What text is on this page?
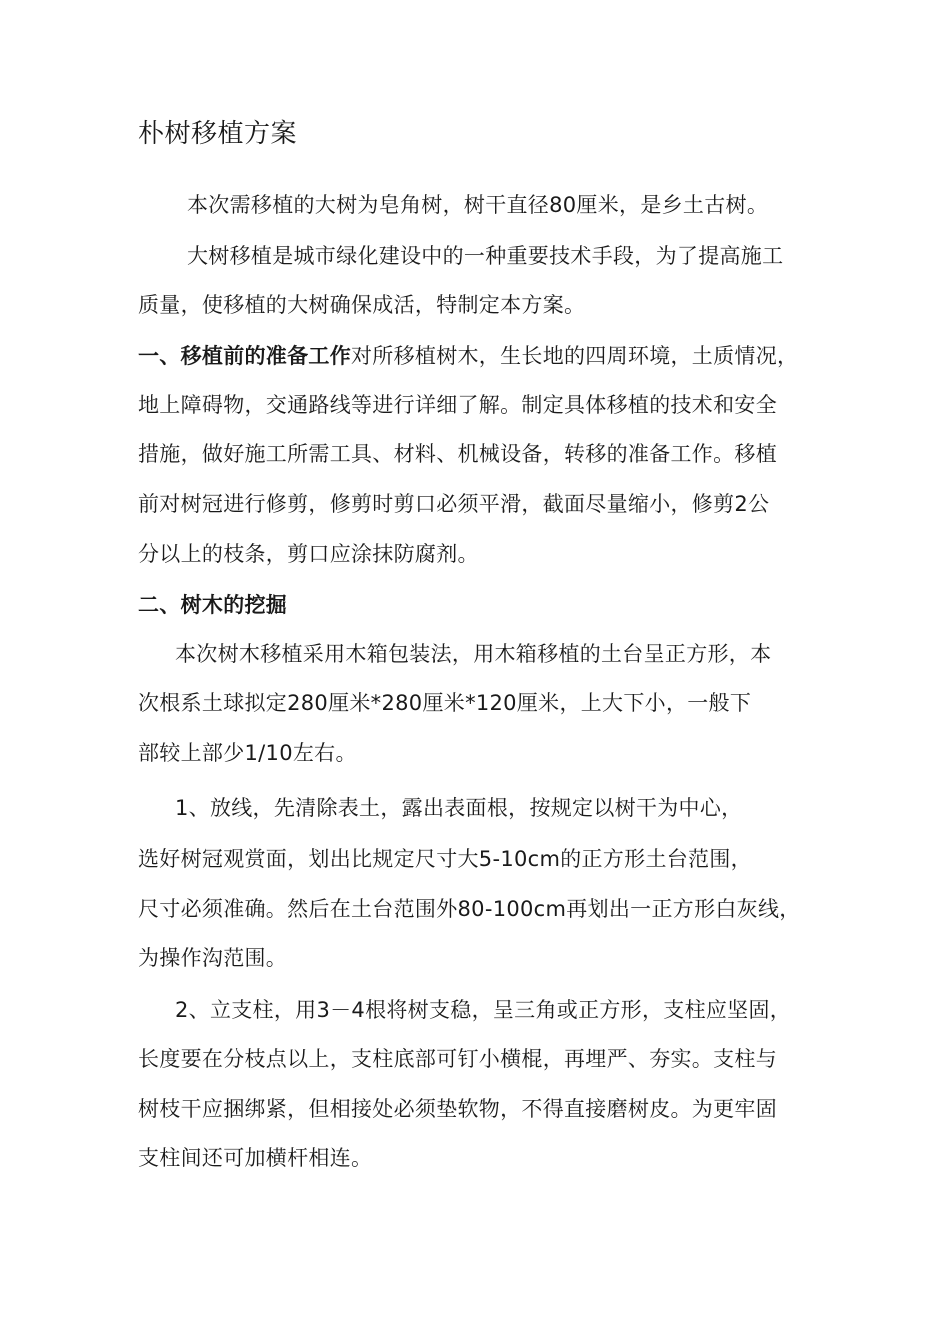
朴树移植方案
本次需移植的大树为皂角树，树干直径80厘米，是乡土古树。
大树移植是城市绿化建设中的一种重要技术手段，为了提高施工
质量，使移植的大树确保成活，特制定本方案。
一、移植前的准备工作对所移植树木，生长地的四周环境，土质情况，
地上障碍物，交通路线等进行详细了解。制定具体移植的技术和安全
措施，做好施工所需工具、材料、机械设备，转移的准备工作。移植
前对树冠进行修剪，修剪时剪口必须平滑，截面尽量缩小，修剪2公
分以上的枝条，剪口应涂抹防腐剂。
二、树木的挖掘
本次树木移植采用木箱包装法，用木箱移植的土台呈正方形，本
次根系土球拟定280厘米*280厘米*120厘米，上大下小，一般下
部较上部少1/10左右。
1、放线，先清除表土，露出表面根，按规定以树干为中心，
选好树冠观赏面，划出比规定尺寸大5-10cm的正方形土台范围，
尺寸必须准确。然后在土台范围外80-100cm再划出一正方形白灰线，
为操作沟范围。
2、立支柱，用3－4根将树支稳，呈三角或正方形，支柱应坚固，
长度要在分枝点以上，支柱底部可钉小横棍，再埋严、夯实。支柱与
树枝干应捆绑紧，但相接处必须垫软物，不得直接磨树皮。为更牢固
支柱间还可加横杆相连。
